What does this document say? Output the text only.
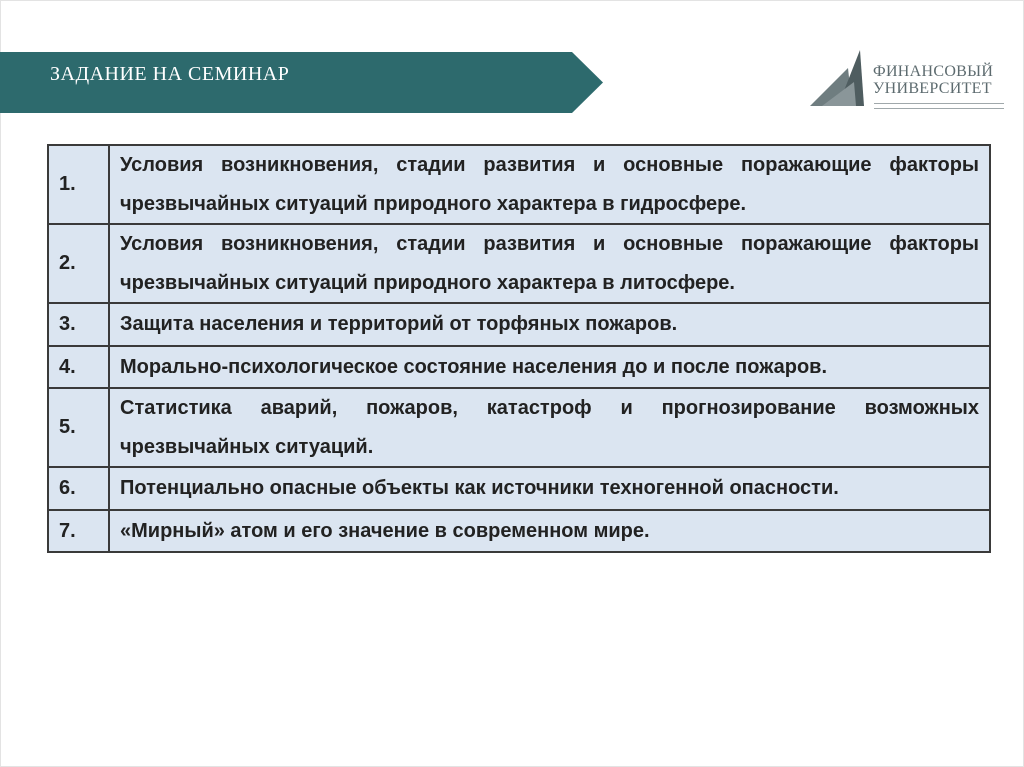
ЗАДАНИЕ НА СЕМИНАР	ФИНАНСОВЫЙ
УНИВЕРСИТЕТ
1.	Условия возникновения, стадии развития и основные поражающие факторы чрезвычайных ситуаций природного характера в гидросфере.
2.	Условия возникновения, стадии развития и основные поражающие факторы чрезвычайных ситуаций природного характера в литосфере.
3.	Защита населения и территорий от торфяных пожаров.
4.	Морально-психологическое состояние населения до и после пожаров.
5.	Статистика аварий, пожаров, катастроф и прогнозирование возможных чрезвычайных ситуаций.
6.	Потенциально опасные объекты как источники техногенной опасности.
7.	«Мирный» атом и его значение в современном мире.
